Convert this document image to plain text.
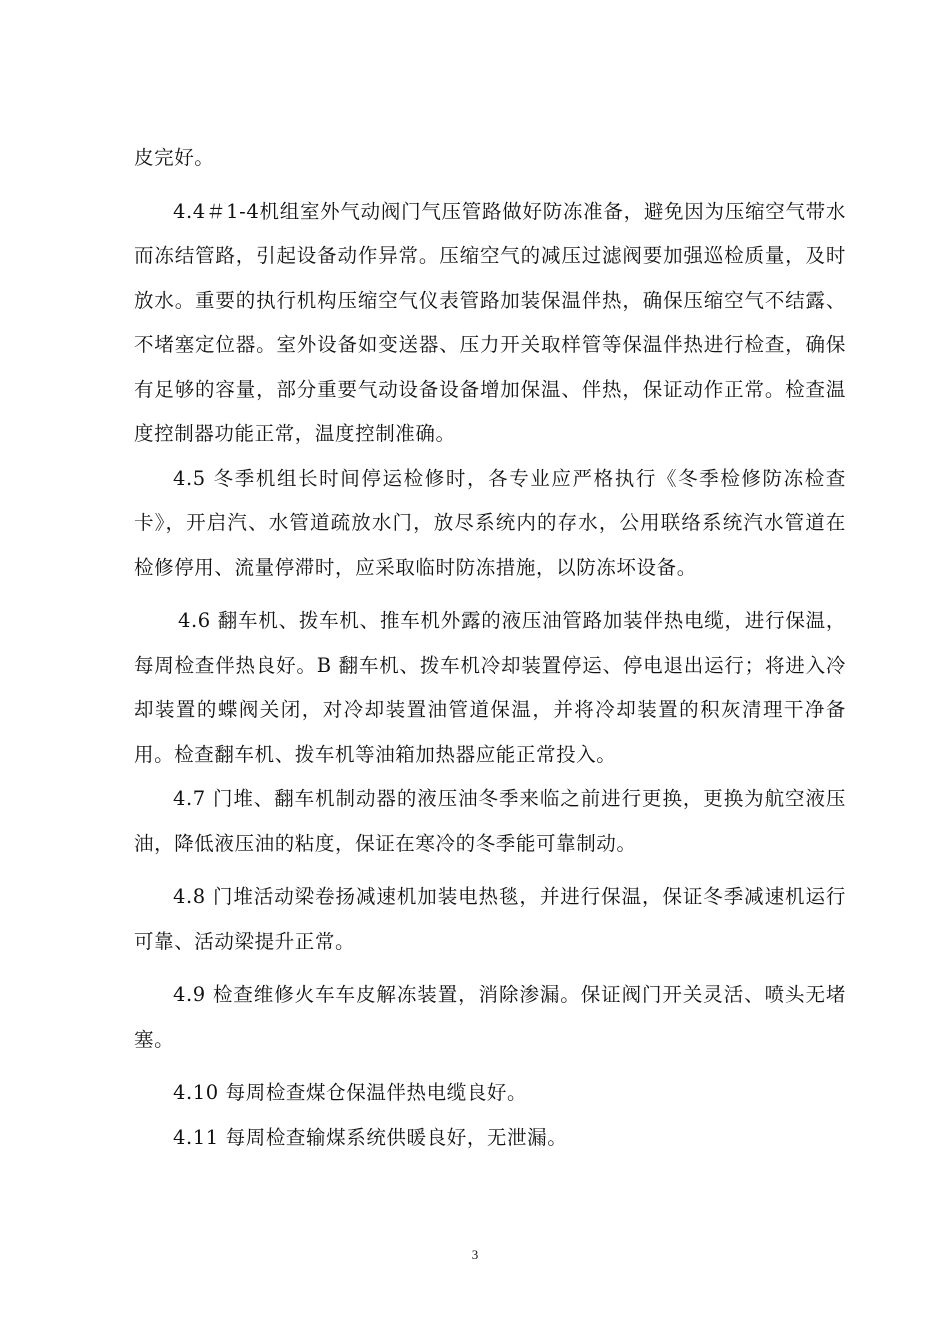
皮完好。

4.4＃1-4机组室外气动阀门气压管路做好防冻准备，避免因为压缩空气带水而冻结管路，引起设备动作异常。压缩空气的减压过滤阀要加强巡检质量，及时放水。重要的执行机构压缩空气仪表管路加装保温伴热，确保压缩空气不结露、不堵塞定位器。室外设备如变送器、压力开关取样管等保温伴热进行检查，确保有足够的容量，部分重要气动设备设备增加保温、伴热，保证动作正常。检查温度控制器功能正常，温度控制准确。

4.5 冬季机组长时间停运检修时，各专业应严格执行《冬季检修防冻检查卡》，开启汽、水管道疏放水门，放尽系统内的存水，公用联络系统汽水管道在检修停用、流量停滞时，应采取临时防冻措施，以防冻坏设备。

4.6 翻车机、拨车机、推车机外露的液压油管路加装伴热电缆，进行保温，每周检查伴热良好。B 翻车机、拨车机冷却装置停运、停电退出运行；将进入冷却装置的蝶阀关闭，对冷却装置油管道保温，并将冷却装置的积灰清理干净备用。检查翻车机、拨车机等油箱加热器应能正常投入。

4.7 门堆、翻车机制动器的液压油冬季来临之前进行更换，更换为航空液压油，降低液压油的粘度，保证在寒冷的冬季能可靠制动。

4.8 门堆活动梁卷扬减速机加装电热毯，并进行保温，保证冬季减速机运行可靠、活动梁提升正常。

4.9 检查维修火车车皮解冻装置，消除渗漏。保证阀门开关灵活、喷头无堵塞。

4.10 每周检查煤仓保温伴热电缆良好。

4.11 每周检查输煤系统供暖良好，无泄漏。

3
